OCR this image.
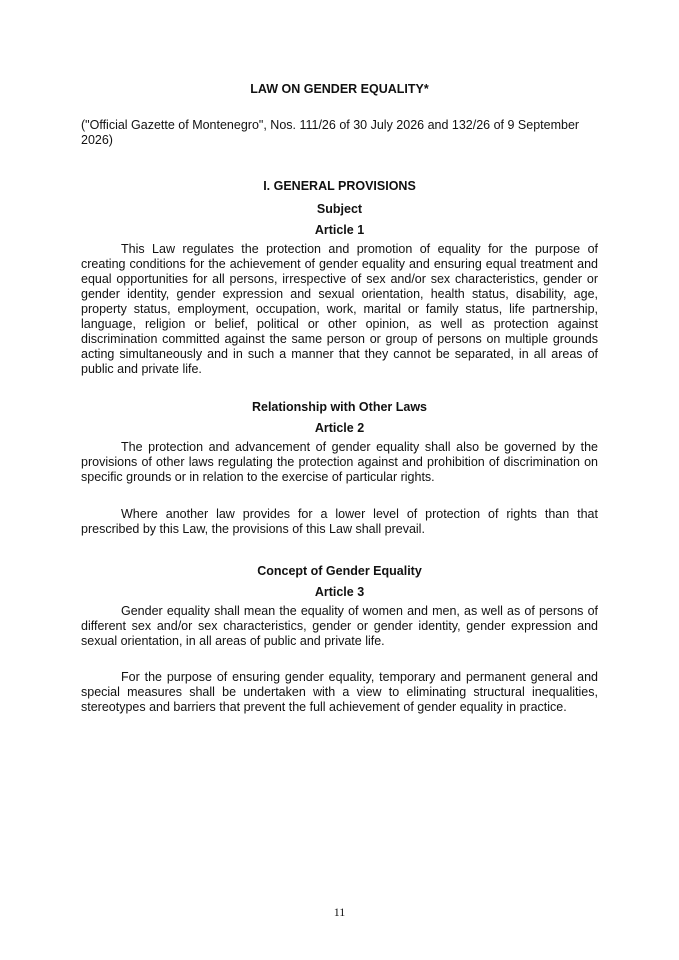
LAW ON GENDER EQUALITY*

("Official Gazette of Montenegro", Nos. 111/26 of 30 July 2026 and 132/26 of 9 September 2026)

I. GENERAL PROVISIONS

Subject

Article 1

This Law regulates the protection and promotion of equality for the purpose of creating conditions for the achievement of gender equality and ensuring equal treatment and equal opportunities for all persons, irrespective of sex and/or sex characteristics, gender or gender identity, gender expression and sexual orientation, health status, disability, age, property status, employment, occupation, work, marital or family status, life partnership, language, religion or belief, political or other opinion, as well as protection against discrimination committed against the same person or group of persons on multiple grounds acting simultaneously and in such a manner that they cannot be separated, in all areas of public and private life.

Relationship with Other Laws

Article 2

The protection and advancement of gender equality shall also be governed by the provisions of other laws regulating the protection against and prohibition of discrimination on specific grounds or in relation to the exercise of particular rights.

Where another law provides for a lower level of protection of rights than that prescribed by this Law, the provisions of this Law shall prevail.

Concept of Gender Equality

Article 3

Gender equality shall mean the equality of women and men, as well as of persons of different sex and/or sex characteristics, gender or gender identity, gender expression and sexual orientation, in all areas of public and private life.

For the purpose of ensuring gender equality, temporary and permanent general and special measures shall be undertaken with a view to eliminating structural inequalities, stereotypes and barriers that prevent the full achievement of gender equality in practice.

11
